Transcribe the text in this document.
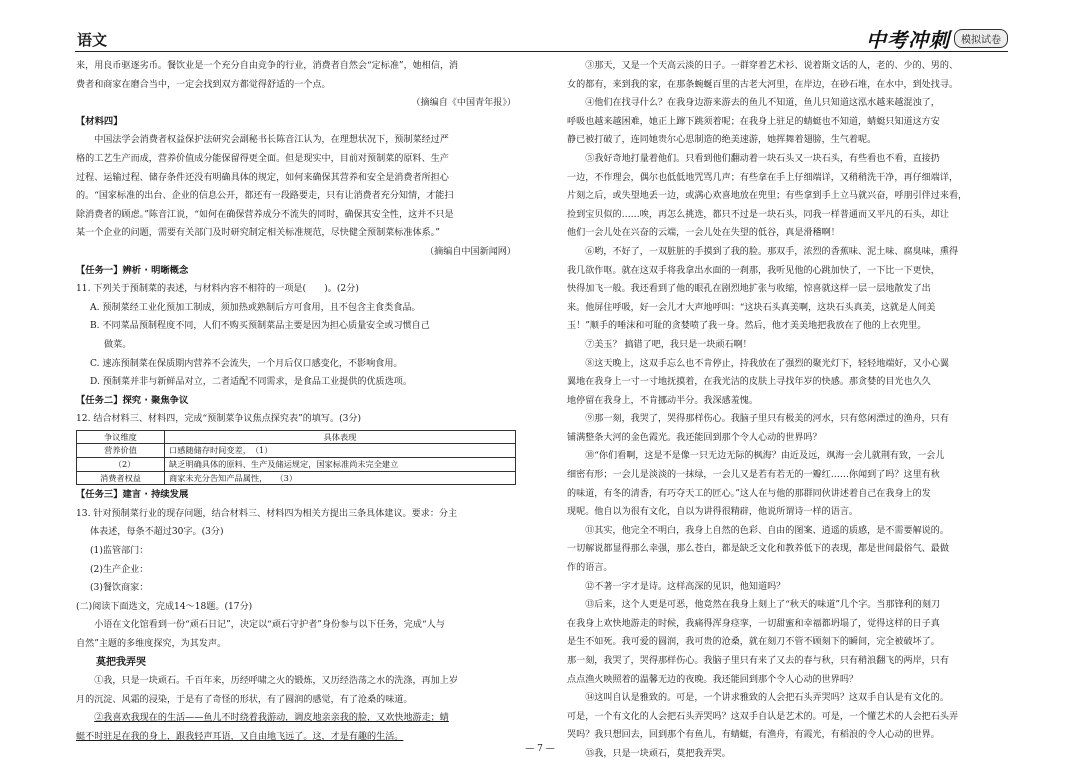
语文	中考冲刺	模拟试卷

来，用良币驱逐劣币。餐饮业是一个充分自由竞争的行业，消费者自然会“定标准”，她相信，消

费者和商家在磨合当中，一定会找到双方都觉得舒适的一个点。

（摘编自《中国青年报》）

【材料四】

中国法学会消费者权益保护法研究会副秘书长陈音江认为，在理想状况下，预制菜经过严

格的工艺生产而成，营养价值成分能保留得更全面。但是现实中，目前对预制菜的原料、生产

过程、运输过程、储存条件还没有明确具体的规定，如何来确保其营养和安全是消费者所担心

的。“国家标准的出台、企业的信息公开，都还有一段路要走，只有让消费者充分知情，才能扫

除消费者的顾虑。”陈音江说，“如何在确保营养成分不流失的同时，确保其安全性，这并不只是

某一个企业的问题，需要有关部门及时研究制定相关标准规范，尽快健全预制菜标准体系。”

（摘编自中国新闻网）

【任务一】辨析 · 明晰概念

11. 下列关于预制菜的表述，与材料内容不相符的一项是(　　)。(2分)

A. 预制菜经工业化预加工制成，须加热或熟制后方可食用，且不包含主食类食品。

B. 不同菜品预制程度不同，人们不购买预制菜品主要是因为担心质量安全或习惯自己

做菜。

C. 速冻预制菜在保质期内营养不会流失，一个月后仅口感变化，不影响食用。

D. 预制菜并非与新鲜品对立，二者适配不同需求，是食品工业提供的优质选项。

【任务二】探究 · 聚焦争议

12. 结合材料三、材料四，完成“预制菜争议焦点探究表”的填写。(3分)

争议维度	具体表现
营养价值	口感随储存时间变差，　（1）　　　　　　
　（2）　　	缺乏明确具体的原料、生产及储运规定，国家标准尚未完全建立
消费者权益	商家未充分告知产品属性，　　（3）　　　　

【任务三】建言 · 持续发展

13. 针对预制菜行业的现存问题，结合材料三、材料四为相关方提出三条具体建议。要求：分主

体表述，每条不超过30字。(3分)

(1)监管部门：

(2)生产企业：

(3)餐饮商家：

(二)阅读下面选文，完成14～18题。(17分)

小语在文化馆看到一份“顽石日记”，决定以“顽石守护者”身份参与以下任务，完成“人与

自然”主题的多维度探究，为其发声。

莫把我弄哭

①我，只是一块顽石。千百年来，历经呼啸之火的锻炼，又历经浩荡之水的洗涤，再加上岁

月的沉淀、风霜的浸染，于是有了奇怪的形状，有了圆润的感觉，有了沧桑的味道。

②我喜欢我现在的生活——鱼儿不时绕着我游动，调皮地亲亲我的脸，又欢快地游走；蜻

蜓不时驻足在我的身上，跟我轻声耳语，又自由地飞远了。这，才是有趣的生活。

③那天，又是一个天高云淡的日子。一群穿着艺术衫、说着斯文话的人，老的、少的、男的、

女的都有，来到我的家，在那条蜿蜒百里的古老大河里，在岸边，在砂石堆，在水中，到处找寻。

④他们在找寻什么？在我身边游来游去的鱼儿不知道，鱼儿只知道这泓水越来越混浊了，

呼吸也越来越困难，她正上蹿下跳须着呢；在我身上驻足的蜻蜓也不知道，蜻蜓只知道这方安

静已被打破了，连同她贵尔心思制造的绝美速游，她挥舞着翅膀，生气着呢。

⑤我好奇地打量着他们。只看到他们翻动着一块石头又一块石头，有些看也不看，直接扔

一边，不作理会，偶尔也低低地咒骂几声；有些拿在手上仔细端详，又稍稍洗干净，再仔细端详，

片刻之后，或失望地丢一边，或满心欢喜地放在兜里；有些拿到手上立马就兴奋，呼朋引伴过来看，

捡到宝贝似的……唉，再怎么挑选，都只不过是一块石头，同我一样普通而又平凡的石头，却让

他们一会儿处在兴奋的云端，一会儿处在失望的低谷，真是滑稽啊！

⑥哟，不好了，一双脏脏的手摸到了我的脸。那双手，浓烈的香蕉味、泥土味、腐臭味，熏得

我几欲作呕。就在这双手将我拿出水面的一刹那，我听见他的心跳加快了，一下比一下更快，

快得加飞一般。我还看到了他的眼孔在剧烈地扩张与收缩，惊喜就这样一层一层地散发了出

来。他屏住呼吸，好一会儿才大声地呼叫：“这块石头真美啊，这块石头真美，这就是人间美

玉！”顺手的唾沫和可耻的贪婪喷了我一身。然后，他才美美地把我放在了他的上衣兜里。

⑦美玉？ 搞错了吧，我只是一块顽石啊！

⑧这天晚上，这双手忘么也不肯停止，持我放在了强烈的聚光灯下，轻轻地端好，又小心翼

翼地在我身上一寸一寸地抚摸着，在我光洁的皮肤上寻找年岁的快感。那贪婪的目光也久久

地停留在我身上，不肯挪动半分。我深感羞愧。

⑨那一刻，我哭了，哭得那样伤心。我脑子里只有极美的河水，只有悠闲漂过的渔舟，只有

铺满整条大河的金色霞光。我还能回到那个令人心动的世界吗？

⑩“你们看啊，这是不是像一只无边无际的枫海？由近及远，飒海一会儿就荆有致，一会儿

细密有形；一会儿是淡淡的一抹绿，一会儿又是若有若无的一瓣红……你闻到了吗？这里有秋

的味道，有冬的清香，有巧夺天工的匠心。”这人在与他的那群同伙讲述着自己在我身上的发

现呢。他自以为很有文化，自以为讲得很精辟，他说所谓诗一样的语言。

⑪其实，他完全不明白，我身上自然的色彩、自由的图案、逍遥的质感，是不需要解说的。

一切解说都显得那么幸强，那么苍白，都是缺乏文化和教养低下的表现，都是世间最俗气、最做

作的语言。

⑫不著一字才是诗。这样高深的见识，他知道吗？

⑬后来，这个人更是可恶，他竟然在我身上刻上了“秋天的味道”几个字。当那锋利的刻刀

在我身上欢快地游走的时候，我痛得浑身痉挛，一切甜蜜和幸福都坍塌了，觉得这样的日子真

是生不如死。我可爱的圆润，我可贵的沧桑，就在刻刀不管不顾刻下的瞬间，完全被破坏了。

那一刻，我哭了，哭得那样伤心。我脑子里只有来了又去的春与秋，只有稍浪翻飞的两岸，只有

点点渔火映照着的温馨无边的夜晚。我还能回到那个令人心动的世界吗？

⑭这叫自认是雅致的。可是，一个讲求雅致的人会把石头弄哭吗？这双手自认是有文化的。

可是，一个有文化的人会把石头弄哭吗？这双手自认是艺术的。可是，一个懂艺术的人会把石头弄

哭吗？我只想回去，回到那个有鱼儿，有蜻蜓，有渔舟，有霞光，有稻浪的令人心动的世界。

⑮我，只是一块顽石，莫把我弄哭。

— 7 —
